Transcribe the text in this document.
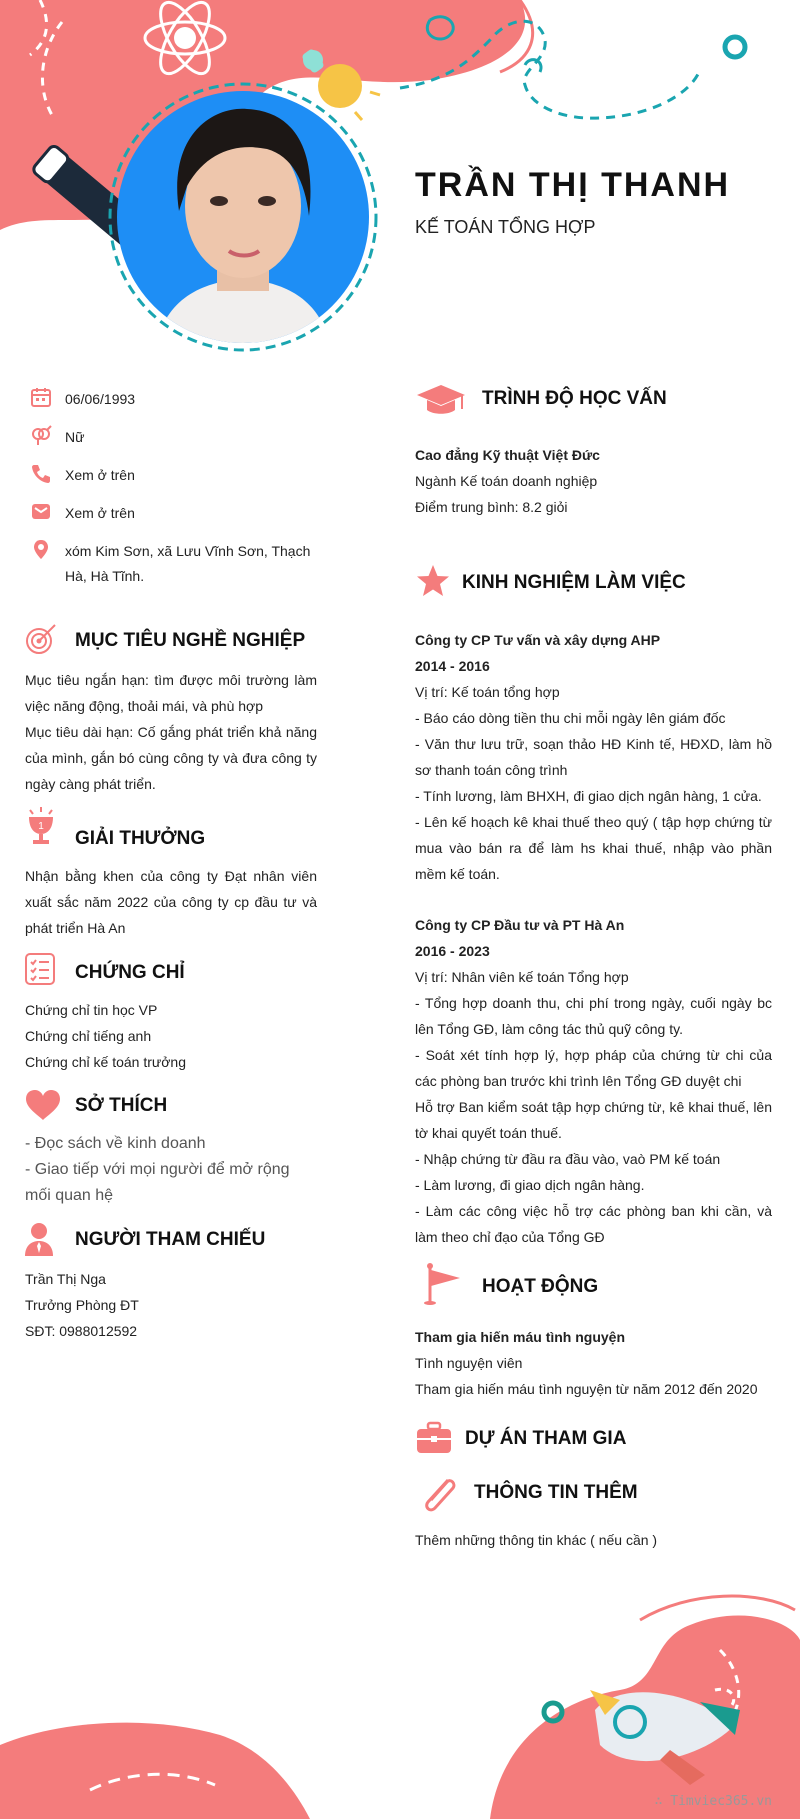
TRẦN THỊ THANH
KẾ TOÁN TỔNG HỢP
06/06/1993
Nữ
Xem ở trên
Xem ở trên
xóm Kim Sơn, xã Lưu Vĩnh Sơn, Thạch Hà, Hà Tĩnh.
MỤC TIÊU NGHỀ NGHIỆP

Mục tiêu ngắn hạn: tìm được môi trường làm việc năng động, thoải mái, và phù hợp

Mục tiêu dài hạn: Cố gắng phát triển khả năng của mình, gắn bó cùng công ty và đưa công ty ngày càng phát triển.

1
GIẢI THƯỞNG
Nhận bằng khen của công ty Đạt nhân viên xuất sắc năm 2022 của công ty cp đầu tư và phát triển Hà An
CHỨNG CHỈ

Chứng chỉ tin học VP

Chứng chỉ tiếng anh

Chứng chỉ kế toán trưởng

SỞ THÍCH

- Đọc sách về kinh doanh

- Giao tiếp với mọi người để mở rộng mối quan hệ

NGƯỜI THAM CHIẾU

Trần Thị Nga

Trưởng Phòng ĐT

SĐT: 0988012592

TRÌNH ĐỘ HỌC VẤN

Cao đẳng Kỹ thuật Việt Đức

Ngành Kế toán doanh nghiệp

Điểm trung bình: 8.2 giỏi

KINH NGHIỆM LÀM VIỆC

Công ty CP Tư vấn và xây dựng AHP

2014 - 2016

Vị trí: Kế toán tổng hợp

- Báo cáo dòng tiền thu chi mỗi ngày lên giám đốc

- Văn thư lưu trữ, soạn thảo HĐ Kinh tế, HĐXD, làm hồ sơ thanh toán công trình

- Tính lương, làm BHXH, đi giao dịch ngân hàng, 1 cửa.

- Lên kế hoạch kê khai thuế theo quý ( tập hợp chứng từ mua vào bán ra để làm hs khai thuế, nhập vào phần mềm kế toán.

Công ty CP Đầu tư và PT Hà An

2016 - 2023

Vị trí: Nhân viên kế toán Tổng hợp

- Tổng hợp doanh thu, chi phí trong ngày, cuối ngày bc lên Tổng GĐ, làm công tác thủ quỹ công ty.

- Soát xét tính hợp lý, hợp pháp của chứng từ chi của các phòng ban trước khi trình lên Tổng GĐ duyệt chi

Hỗ trợ Ban kiểm soát tập hợp chứng từ, kê khai thuế, lên tờ khai quyết toán thuế.

- Nhập chứng từ đầu ra đầu vào, vaò PM kế toán

- Làm lương, đi giao dịch ngân hàng.

- Làm các công việc hỗ trợ các phòng ban khi cần, và làm theo chỉ đạo của Tổng GĐ

HOẠT ĐỘNG

Tham gia hiến máu tình nguyện

Tình nguyện viên

Tham gia hiến máu tình nguyện từ năm 2012 đến 2020

DỰ ÁN THAM GIA
THÔNG TIN THÊM
Thêm những thông tin khác ( nếu cần )
∴ Timviec365.vn
